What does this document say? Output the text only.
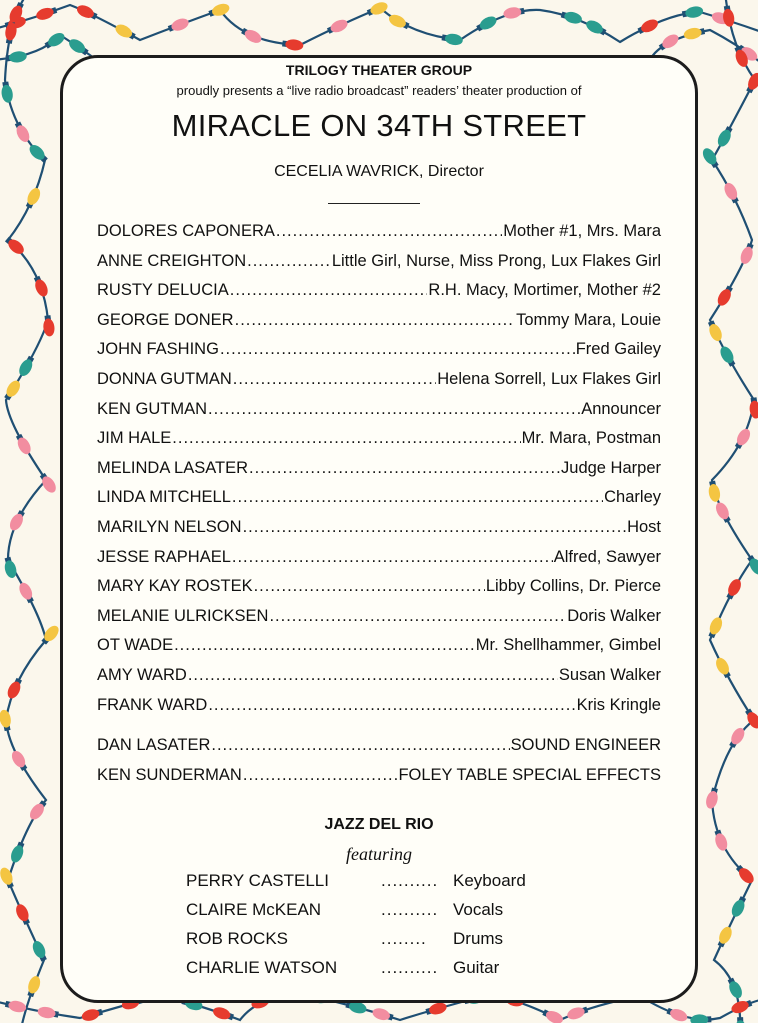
TRILOGY THEATER GROUP
proudly presents a “live radio broadcast” readers’ theater production of
MIRACLE ON 34TH STREET
CECELIA WAVRICK, Director
DOLORES CAPONERA .....	Mother #1, Mrs. Mara
ANNE CREIGHTON .....	Little Girl, Nurse, Miss Prong, Lux Flakes Girl
RUSTY DELUCIA .....	R.H. Macy, Mortimer, Mother #2
GEORGE DONER .....	Tommy Mara, Louie
JOHN FASHING .....	Fred Gailey
DONNA GUTMAN .....	Helena Sorrell, Lux Flakes Girl
KEN GUTMAN .....	Announcer
JIM HALE .....	Mr. Mara, Postman
MELINDA LASATER .....	Judge Harper
LINDA MITCHELL .....	Charley
MARILYN NELSON .....	Host
JESSE RAPHAEL .....	Alfred, Sawyer
MARY KAY ROSTEK .....	Libby Collins, Dr. Pierce
MELANIE ULRICKSEN .....	Doris Walker
OT WADE .....	Mr. Shellhammer, Gimbel
AMY WARD .....	Susan Walker
FRANK WARD .....	Kris Kringle
DAN LASATER .....	SOUND ENGINEER
KEN SUNDERMAN .....	FOLEY TABLE SPECIAL EFFECTS
JAZZ DEL RIO
featuring
PERRY CASTELLI	.......... Keyboard
CLAIRE McKEAN	.......... Vocals
ROB ROCKS	........	Drums
CHARLIE WATSON	.......... Guitar
